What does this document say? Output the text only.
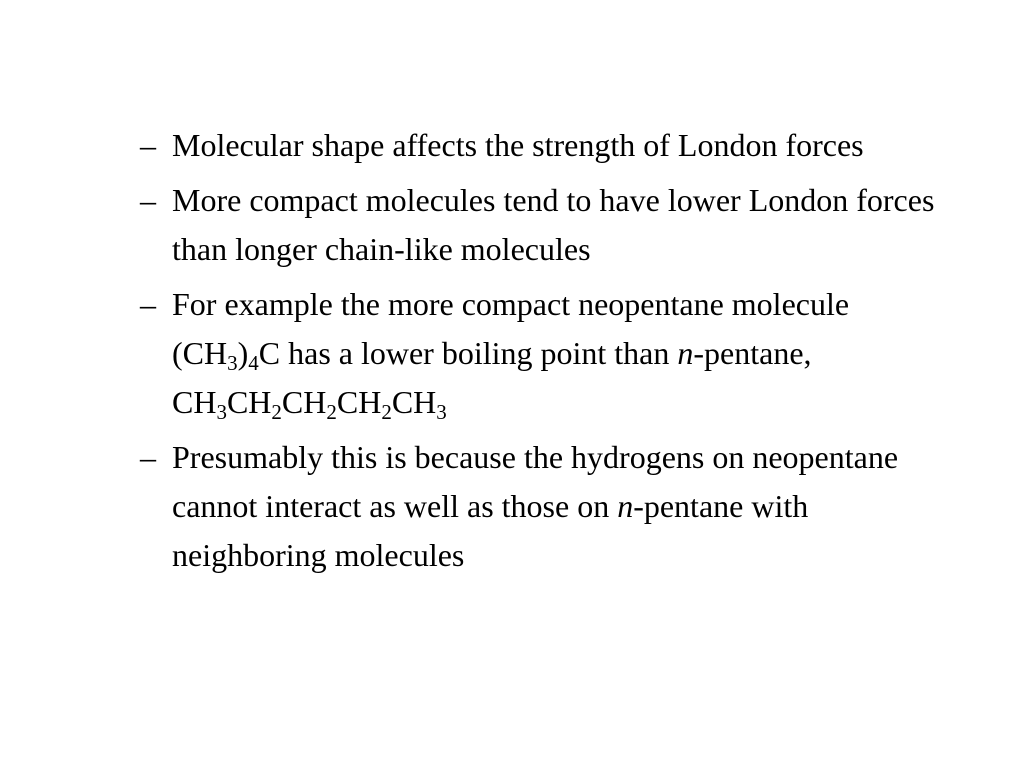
– Molecular shape affects the strength of London forces
– More compact molecules tend to have lower London forces than longer chain-like molecules
– For example the more compact neopentane molecule $(CH_3)_4C$ has a lower boiling point than n-pentane, $CH_3CH_2CH_2CH_2CH_3$
– Presumably this is because the hydrogens on neopentane cannot interact as well as those on n-pentane with neighboring molecules
